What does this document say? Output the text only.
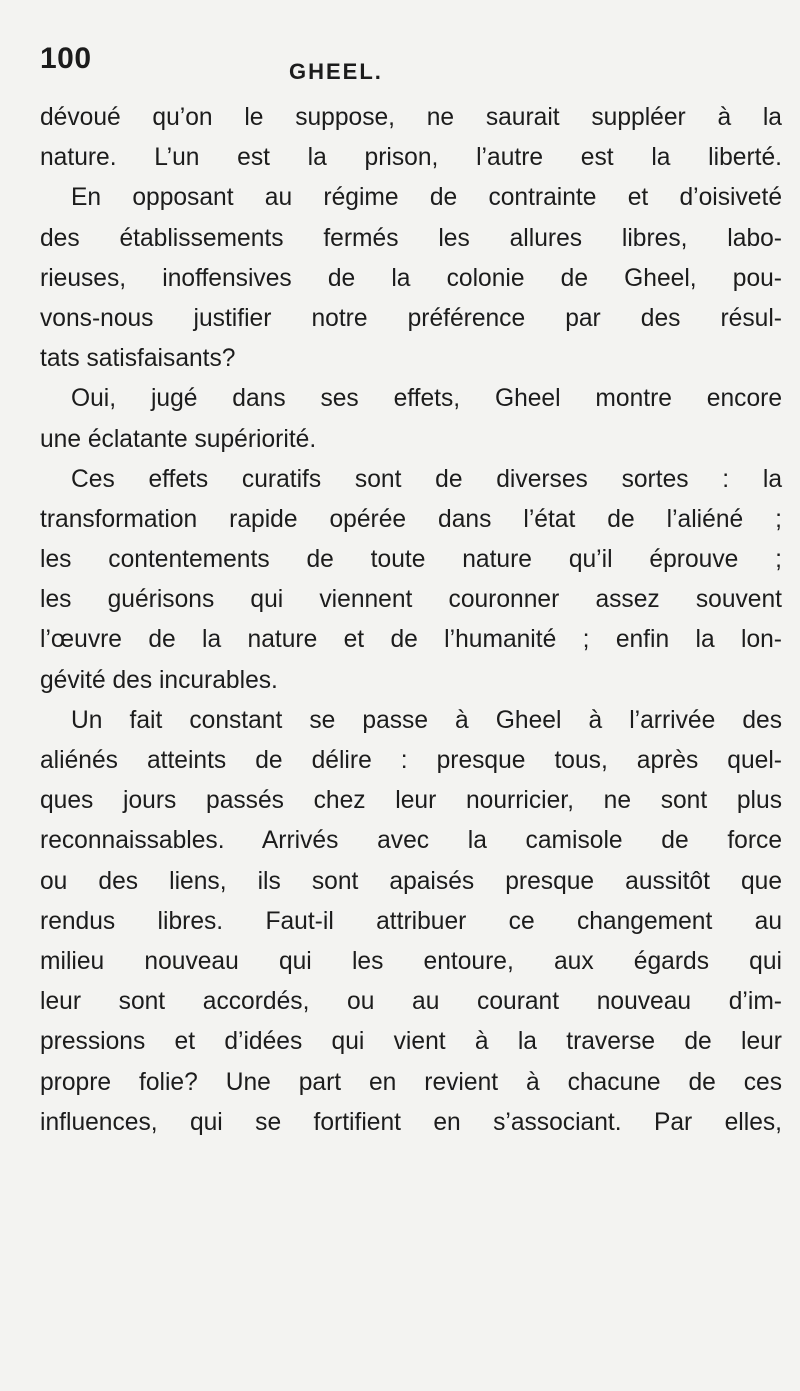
100	GHEEL.
dévoué qu’on le suppose, ne saurait suppléer à la
nature. L’un est la prison, l’autre est la liberté.
En opposant au régime de contrainte et d’oisiveté
des établissements fermés les allures libres, labo-
rieuses, inoffensives de la colonie de Gheel, pou-
vons-nous justifier notre préférence par des résul-
tats satisfaisants?
Oui, jugé dans ses effets, Gheel montre encore
une éclatante supériorité.
Ces effets curatifs sont de diverses sortes : la
transformation rapide opérée dans l’état de l’aliéné ;
les contentements de toute nature qu’il éprouve ;
les guérisons qui viennent couronner assez souvent
l’œuvre de la nature et de l’humanité ; enfin la lon-
gévité des incurables.
Un fait constant se passe à Gheel à l’arrivée des
aliénés atteints de délire : presque tous, après quel-
ques jours passés chez leur nourricier, ne sont plus
reconnaissables. Arrivés avec la camisole de force
ou des liens, ils sont apaisés presque aussitôt que
rendus libres. Faut-il attribuer ce changement au
milieu nouveau qui les entoure, aux égards qui
leur sont accordés, ou au courant nouveau d’im-
pressions et d’idées qui vient à la traverse de leur
propre folie? Une part en revient à chacune de ces
influences, qui se fortifient en s’associant. Par elles,
